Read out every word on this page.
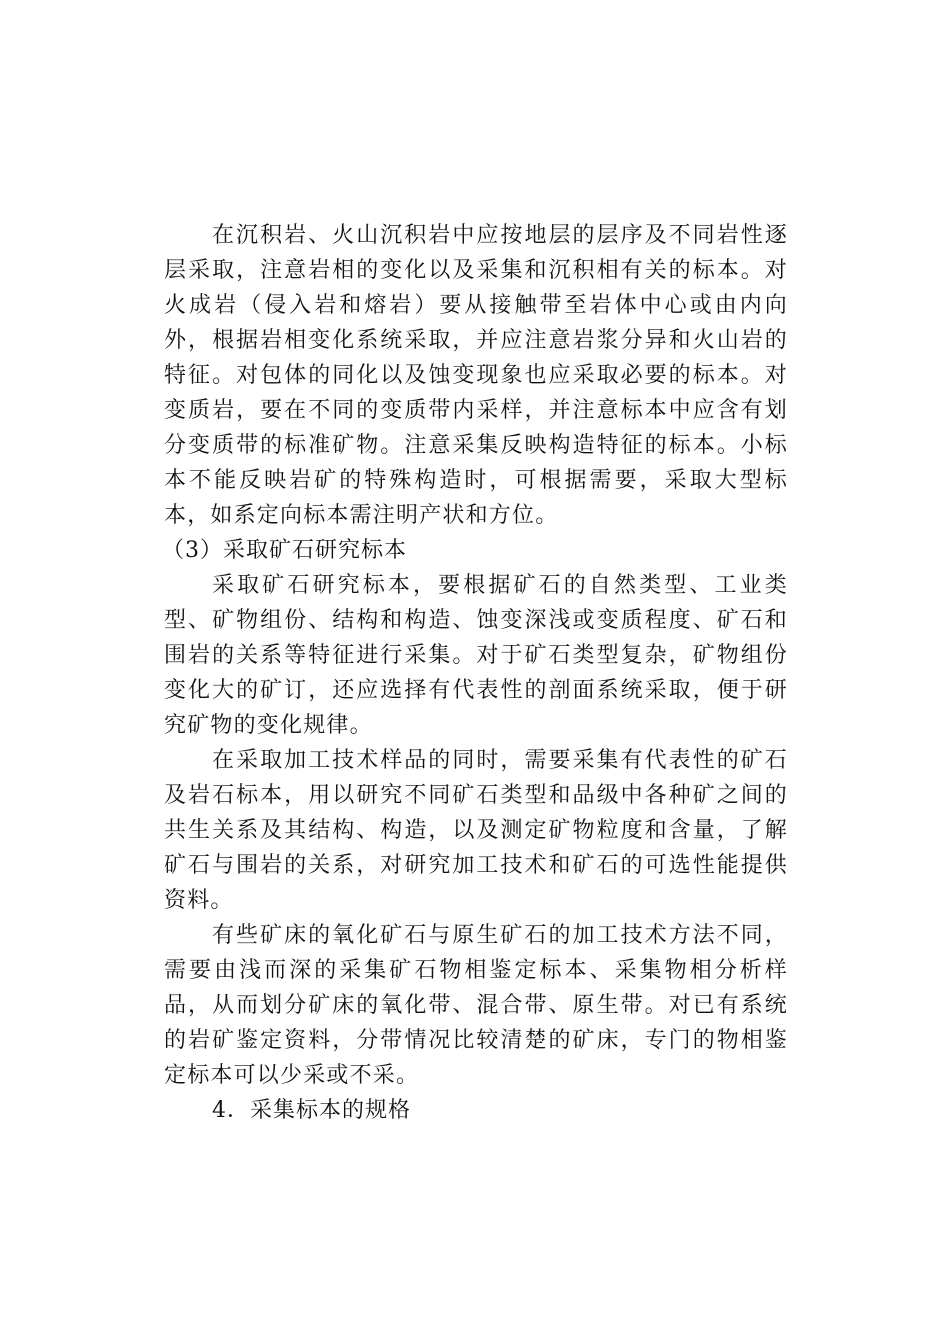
在沉积岩、火山沉积岩中应按地层的层序及不同岩性逐层采取，注意岩相的变化以及采集和沉积相有关的标本。对火成岩（侵入岩和熔岩）要从接触带至岩体中心或由内向外，根据岩相变化系统采取，并应注意岩浆分异和火山岩的特征。对包体的同化以及蚀变现象也应采取必要的标本。对变质岩，要在不同的变质带内采样，并注意标本中应含有划分变质带的标准矿物。注意采集反映构造特征的标本。小标本不能反映岩矿的特殊构造时，可根据需要，采取大型标本，如系定向标本需注明产状和方位。

（3）采取矿石研究标本

采取矿石研究标本，要根据矿石的自然类型、工业类型、矿物组份、结构和构造、蚀变深浅或变质程度、矿石和围岩的关系等特征进行采集。对于矿石类型复杂，矿物组份变化大的矿订，还应选择有代表性的剖面系统采取，便于研究矿物的变化规律。

在采取加工技术样品的同时，需要采集有代表性的矿石及岩石标本，用以研究不同矿石类型和品级中各种矿之间的共生关系及其结构、构造，以及测定矿物粒度和含量，了解矿石与围岩的关系，对研究加工技术和矿石的可选性能提供资料。

有些矿床的氧化矿石与原生矿石的加工技术方法不同，需要由浅而深的采集矿石物相鉴定标本、采集物相分析样品，从而划分矿床的氧化带、混合带、原生带。对已有系统的岩矿鉴定资料，分带情况比较清楚的矿床，专门的物相鉴定标本可以少采或不采。

4．采集标本的规格
